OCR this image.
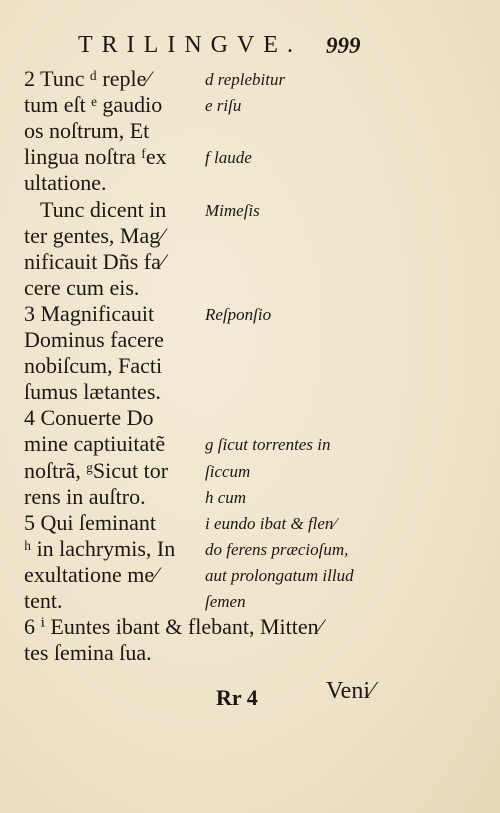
TRILINGVE. 999
2 Tunc ᵈ reple⁄
tum eſt ᵉ gaudio
os noſtrum, Et
lingua noſtra ᶠex
ultatione.
Tunc dicent in
ter gentes, Mag⁄
nificauit Dñs fa⁄
cere cum eis.
3 Magnificauit
Dominus facere
nobiſcum, Facti
ſumus lætantes.
4 Conuerte Do
mine captiuitatẽ
noſtrã, ᵍSicut tor
rens in auſtro.
5 Qui ſeminant
ʰ in lachrymis, In
exultatione me⁄
tent.
d replebitur
e riſu
f laude
Mimeſis
Reſponſio
g ſicut torrentes in
ſiccum
h cum
i eundo ibat & flen⁄
do ferens præcioſum,
aut prolongatum illud
ſemen
6 ⁱ Euntes ibant & flebant, Mitten⁄
tes ſemina ſua.
Rr 4	Veni⁄
